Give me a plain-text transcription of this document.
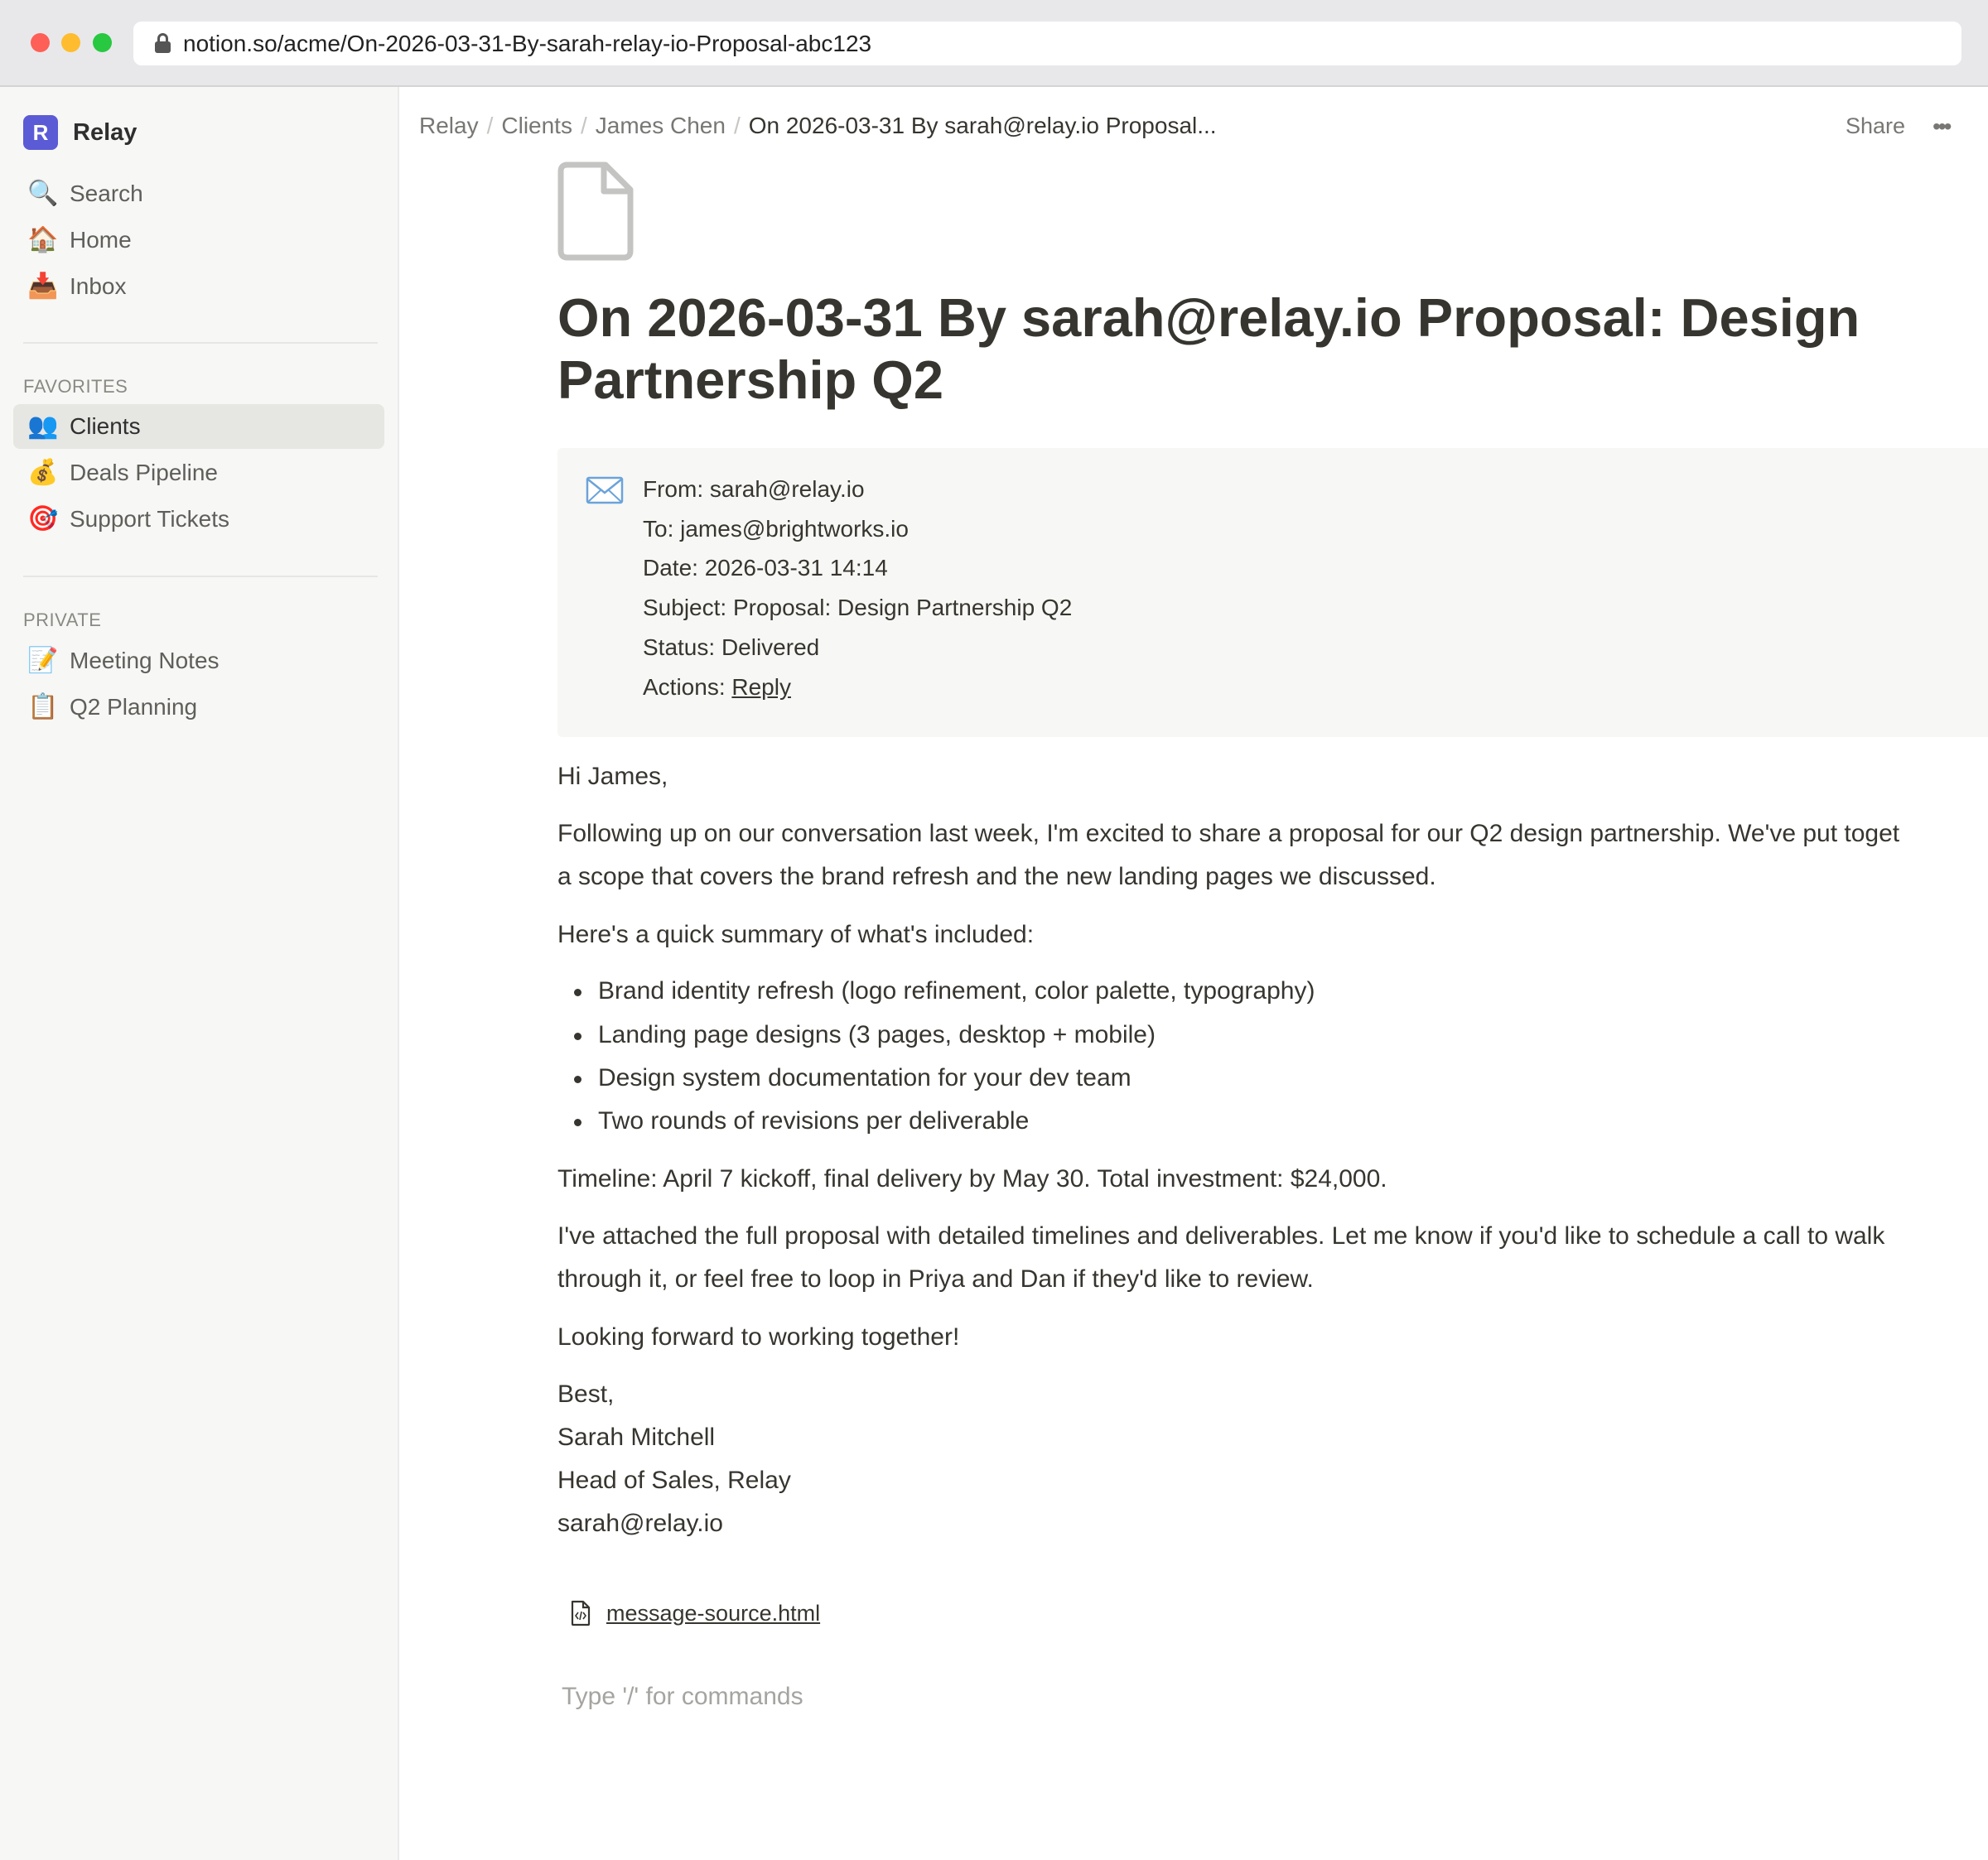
notion.so/acme/On-2026-03-31-By-sarah-relay-io-Proposal-abc123
R	Relay
🔍 Search
🏠 Home
📥 Inbox
FAVORITES
👥 Clients
💰 Deals Pipeline
🎯 Support Tickets
PRIVATE
📝 Meeting Notes
📋 Q2 Planning
Relay / Clients / James Chen / On 2026-03-31 By sarah@relay.io Proposal...	Share •••
On 2026-03-31 By sarah@relay.io Proposal: Design Partnership Q2
From: sarah@relay.io
To: james@brightworks.io
Date: 2026-03-31 14:14
Subject: Proposal: Design Partnership Q2
Status: Delivered
Actions: Reply
Hi James,
Following up on our conversation last week, I'm excited to share a proposal for our Q2 design partnership. We've put toget
a scope that covers the brand refresh and the new landing pages we discussed.
Here's a quick summary of what's included:
Brand identity refresh (logo refinement, color palette, typography)
Landing page designs (3 pages, desktop + mobile)
Design system documentation for your dev team
Two rounds of revisions per deliverable
Timeline: April 7 kickoff, final delivery by May 30. Total investment: $24,000.
I've attached the full proposal with detailed timelines and deliverables. Let me know if you'd like to schedule a call to walk
through it, or feel free to loop in Priya and Dan if they'd like to review.
Looking forward to working together!
Best,
Sarah Mitchell
Head of Sales, Relay
sarah@relay.io
message-source.html
Type '/' for commands
